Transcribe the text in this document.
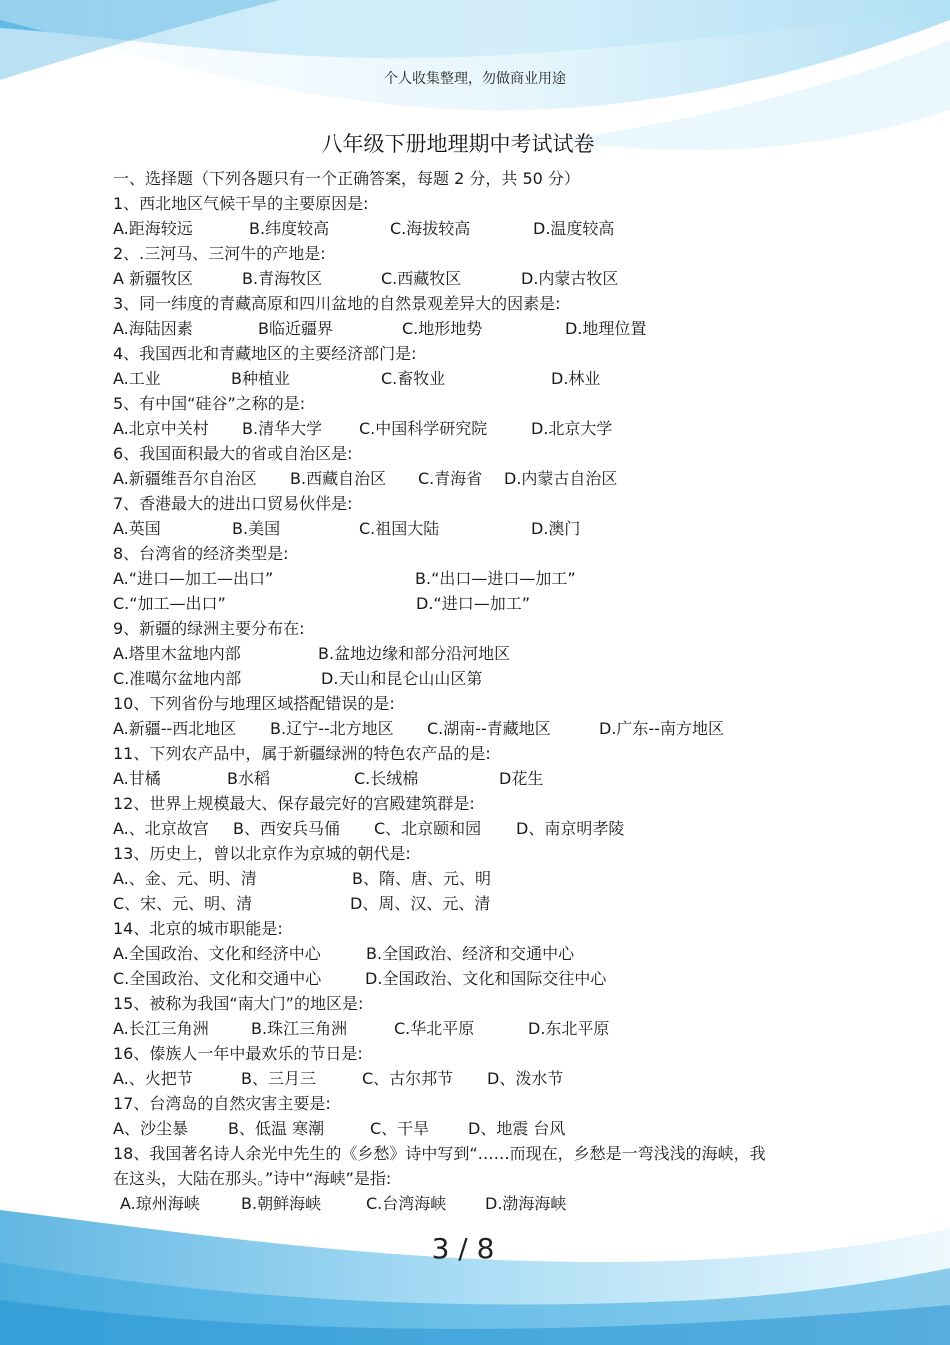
个人收集整理，勿做商业用途
八年级下册地理期中考试试卷
一、选择题（下列各题只有一个正确答案，每题 2 分，共 50 分）
1、西北地区气候干旱的主要原因是:
A.距海较远	B.纬度较高	C.海拔较高	D.温度较高
2、.三河马、三河牛的产地是:
A 新疆牧区	B.青海牧区	C.西藏牧区	D.内蒙古牧区
3、同一纬度的青藏高原和四川盆地的自然景观差异大的因素是:
A.海陆因素	B临近疆界	C.地形地势	D.地理位置
4、我国西北和青藏地区的主要经济部门是:
A.工业	B种植业	C.畜牧业	D.林业
5、有中国“硅谷”之称的是:
A.北京中关村 B.清华大学 C.中国科学研究院	D.北京大学
6、我国面积最大的省或自治区是:
A.新疆维吾尔自治区 B.西藏自治区 C.青海省 D.内蒙古自治区
7、香港最大的进出口贸易伙伴是:
A.英国	B.美国	C.祖国大陆	D.澳门
8、台湾省的经济类型是:
A.“进口—加工—出口”	B.“出口—进口—加工”
C.“加工—出口”	D.“进口—加工”
9、新疆的绿洲主要分布在:
A.塔里木盆地内部	B.盆地边缘和部分沿河地区
C.准噶尔盆地内部	D.天山和昆仑山山区第
10、下列省份与地理区域搭配错误的是:
A.新疆--西北地区 B.辽宁--北方地区 C.湖南--青藏地区	D.广东--南方地区
11、下列农产品中，属于新疆绿洲的特色农产品的是:
A.甘橘	B水稻	C.长绒棉	D花生
12、世界上规模最大、保存最完好的宫殿建筑群是:
A.、北京故宫 B、西安兵马俑 C、北京颐和园 D、南京明孝陵
13、历史上，曾以北京作为京城的朝代是:
A.、金、元、明、清	B、隋、唐、元、明
C、宋、元、明、清	D、周、汉、元、清
14、北京的城市职能是:
A.全国政治、文化和经济中心	B.全国政治、经济和交通中心
C.全国政治、文化和交通中心	D.全国政治、文化和国际交往中心
15、被称为我国“南大门”的地区是:
A.长江三角洲	B.珠江三角洲	C.华北平原	D.东北平原
16、傣族人一年中最欢乐的节日是:
A.、火把节	B、三月三	C、古尔邦节 D、泼水节
17、台湾岛的自然灾害主要是:
A、沙尘暴	B、低温 寒潮	C、干旱 D、地震 台风
18、我国著名诗人余光中先生的《乡愁》诗中写到“……而现在，乡愁是一弯浅浅的海峡，我
在这头，大陆在那头。”诗中“海峡”是指:
A.琼州海峡	B.朝鲜海峡	C.台湾海峡 D.渤海海峡
3 / 8
